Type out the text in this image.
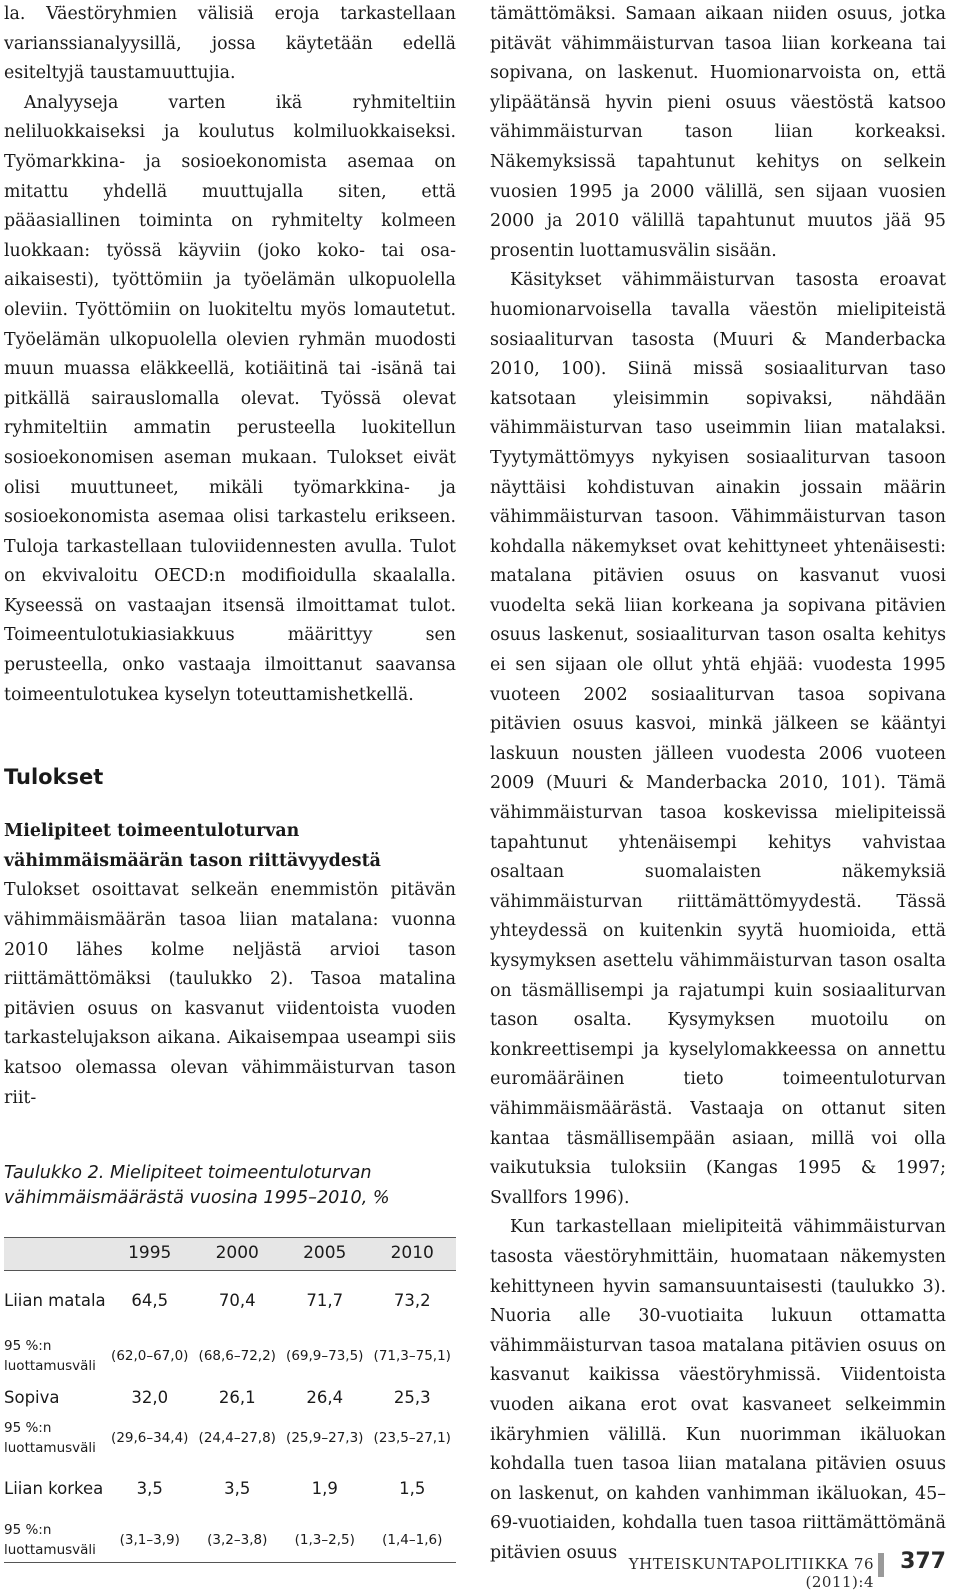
la. Väestöryhmien välisiä eroja tarkastellaan varianssianalyysillä, jossa käytetään edellä esiteltyjä taustamuuttujia.

Analyyseja varten ikä ryhmiteltiin neliluokkaiseksi ja koulutus kolmiluokkaiseksi. Työmarkkina- ja sosioekonomista asemaa on mitattu yhdellä muuttujalla siten, että pääasiallinen toiminta on ryhmitelty kolmeen luokkaan: työssä käyviin (joko koko- tai osa-aikaisesti), työttömiin ja työelämän ulkopuolella oleviin. Työttömiin on luokiteltu myös lomautetut. Työelämän ulkopuolella olevien ryhmän muodosti muun muassa eläkkeellä, kotiäitinä tai -isänä tai pitkällä sairauslomalla olevat. Työssä olevat ryhmiteltiin ammatin perusteella luokitellun sosioekonomisen aseman mukaan. Tulokset eivät olisi muuttuneet, mikäli työmarkkina- ja sosioekonomista asemaa olisi tarkastelu erikseen. Tuloja tarkastellaan tuloviidennesten avulla. Tulot on ekvivaloitu OECD:n modifioidulla skaalalla. Kyseessä on vastaajan itsensä ilmoittamat tulot. Toimeentulotukiasiakkuus määrittyy sen perusteella, onko vastaaja ilmoittanut saavansa toimeentulotukea kyselyn toteuttamishetkellä.

Tulokset
Mielipiteet toimeentuloturvan vähimmäismäärän tason riittävyydestä

Tulokset osoittavat selkeän enemmistön pitävän vähimmäismäärän tasoa liian matalana: vuonna 2010 lähes kolme neljästä arvioi tason riittämättömäksi (taulukko 2). Tasoa matalina pitävien osuus on kasvanut viidentoista vuoden tarkastelujakson aikana. Aikaisempaa useampi siis katsoo olemassa olevan vähimmäisturvan tason riit-

Taulukko 2. Mielipiteet toimeentuloturvan vähimmäismäärästä vuosina 1995–2010, %
	1995	2000	2005	2010
Liian matala	64,5	70,4	71,7	73,2
95 %:n luottamusväli	(62,0–67,0)	(68,6–72,2)	(69,9–73,5)	(71,3–75,1)
Sopiva	32,0	26,1	26,4	25,3
95 %:n luottamusväli	(29,6–34,4)	(24,4–27,8)	(25,9–27,3)	(23,5–27,1)
Liian korkea	3,5	3,5	1,9	1,5
95 %:n luottamusväli	(3,1–3,9)	(3,2–3,8)	(1,3–2,5)	(1,4–1,6)

tämättömäksi. Samaan aikaan niiden osuus, jotka pitävät vähimmäisturvan tasoa liian korkeana tai sopivana, on laskenut. Huomionarvoista on, että ylipäätänsä hyvin pieni osuus väestöstä katsoo vähimmäisturvan tason liian korkeaksi. Näkemyksissä tapahtunut kehitys on selkein vuosien 1995 ja 2000 välillä, sen sijaan vuosien 2000 ja 2010 välillä tapahtunut muutos jää 95 prosentin luottamusvälin sisään.

Käsitykset vähimmäisturvan tasosta eroavat huomionarvoisella tavalla väestön mielipiteistä sosiaaliturvan tasosta (Muuri & Manderbacka 2010, 100). Siinä missä sosiaaliturvan taso katsotaan yleisimmin sopivaksi, nähdään vähimmäisturvan taso useimmin liian matalaksi. Tyytymättömyys nykyisen sosiaaliturvan tasoon näyttäisi kohdistuvan ainakin jossain määrin vähimmäisturvan tasoon. Vähimmäisturvan tason kohdalla näkemykset ovat kehittyneet yhtenäisesti: matalana pitävien osuus on kasvanut vuosi vuodelta sekä liian korkeana ja sopivana pitävien osuus laskenut, sosiaaliturvan tason osalta kehitys ei sen sijaan ole ollut yhtä ehjää: vuodesta 1995 vuoteen 2002 sosiaaliturvan tasoa sopivana pitävien osuus kasvoi, minkä jälkeen se kääntyi laskuun nousten jälleen vuodesta 2006 vuoteen 2009 (Muuri & Manderbacka 2010, 101). Tämä vähimmäisturvan tasoa koskevissa mielipiteissä tapahtunut yhtenäisempi kehitys vahvistaa osaltaan suomalaisten näkemyksiä vähimmäisturvan riittämättömyydestä. Tässä yhteydessä on kuitenkin syytä huomioida, että kysymyksen asettelu vähimmäisturvan tason osalta on täsmällisempi ja rajatumpi kuin sosiaaliturvan tason osalta. Kysymyksen muotoilu on konkreettisempi ja kyselylomakkeessa on annettu euromääräinen tieto toimeentuloturvan vähimmäismäärästä. Vastaaja on ottanut siten kantaa täsmällisempään asiaan, millä voi olla vaikutuksia tuloksiin (Kangas 1995 & 1997; Svallfors 1996).

Kun tarkastellaan mielipiteitä vähimmäisturvan tasosta väestöryhmittäin, huomataan näkemysten kehittyneen hyvin samansuuntaisesti (taulukko 3). Nuoria alle 30-vuotiaita lukuun ottamatta vähimmäisturvan tasoa matalana pitävien osuus on kasvanut kaikissa väestöryhmissä. Viidentoista vuoden aikana erot ovat kasvaneet selkeimmin ikäryhmien välillä. Kun nuorimman ikäluokan kohdalla tuen tasoa liian matalana pitävien osuus on laskenut, on kahden vanhimman ikäluokan, 45–69-vuotiaiden, kohdalla tuen tasoa riittämättömänä pitävien osuus

YHTEISKUNTAPOLITIIKKA 76 (2011):4
377
